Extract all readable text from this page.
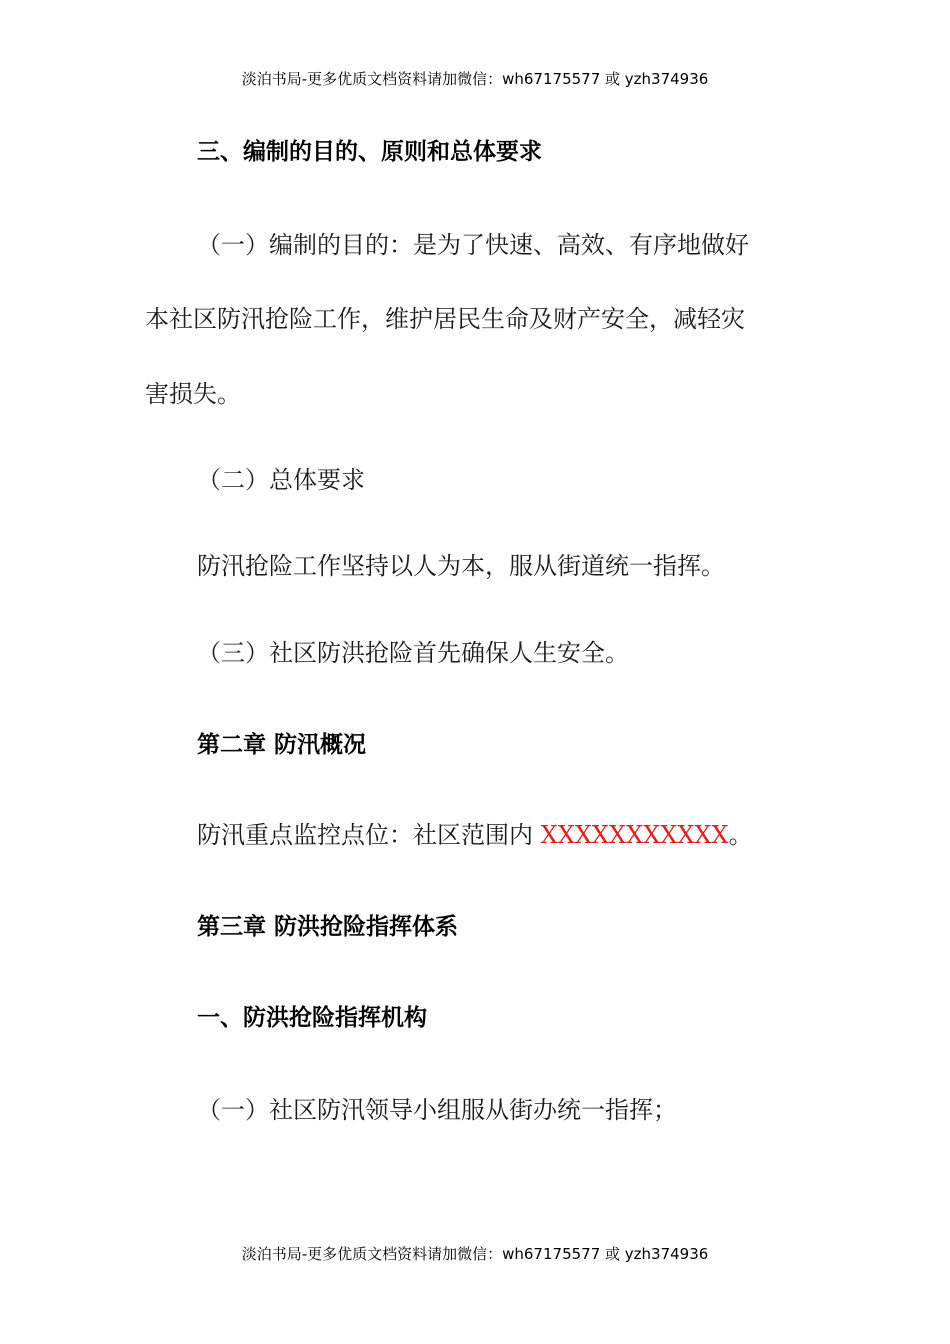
淡泊书局-更多优质文档资料请加微信：wh67175577 或 yzh374936
三、编制的目的、原则和总体要求
（一）编制的目的：是为了快速、高效、有序地做好
本社区防汛抢险工作，维护居民生命及财产安全，减轻灾
害损失。
（二）总体要求
防汛抢险工作坚持以人为本，服从街道统一指挥。
（三）社区防洪抢险首先确保人生安全。
第二章 防汛概况
防汛重点监控点位：社区范围内 XXXXXXXXXXX。
第三章 防洪抢险指挥体系
一、防洪抢险指挥机构
（一）社区防汛领导小组服从街办统一指挥；
淡泊书局-更多优质文档资料请加微信：wh67175577 或 yzh374936
